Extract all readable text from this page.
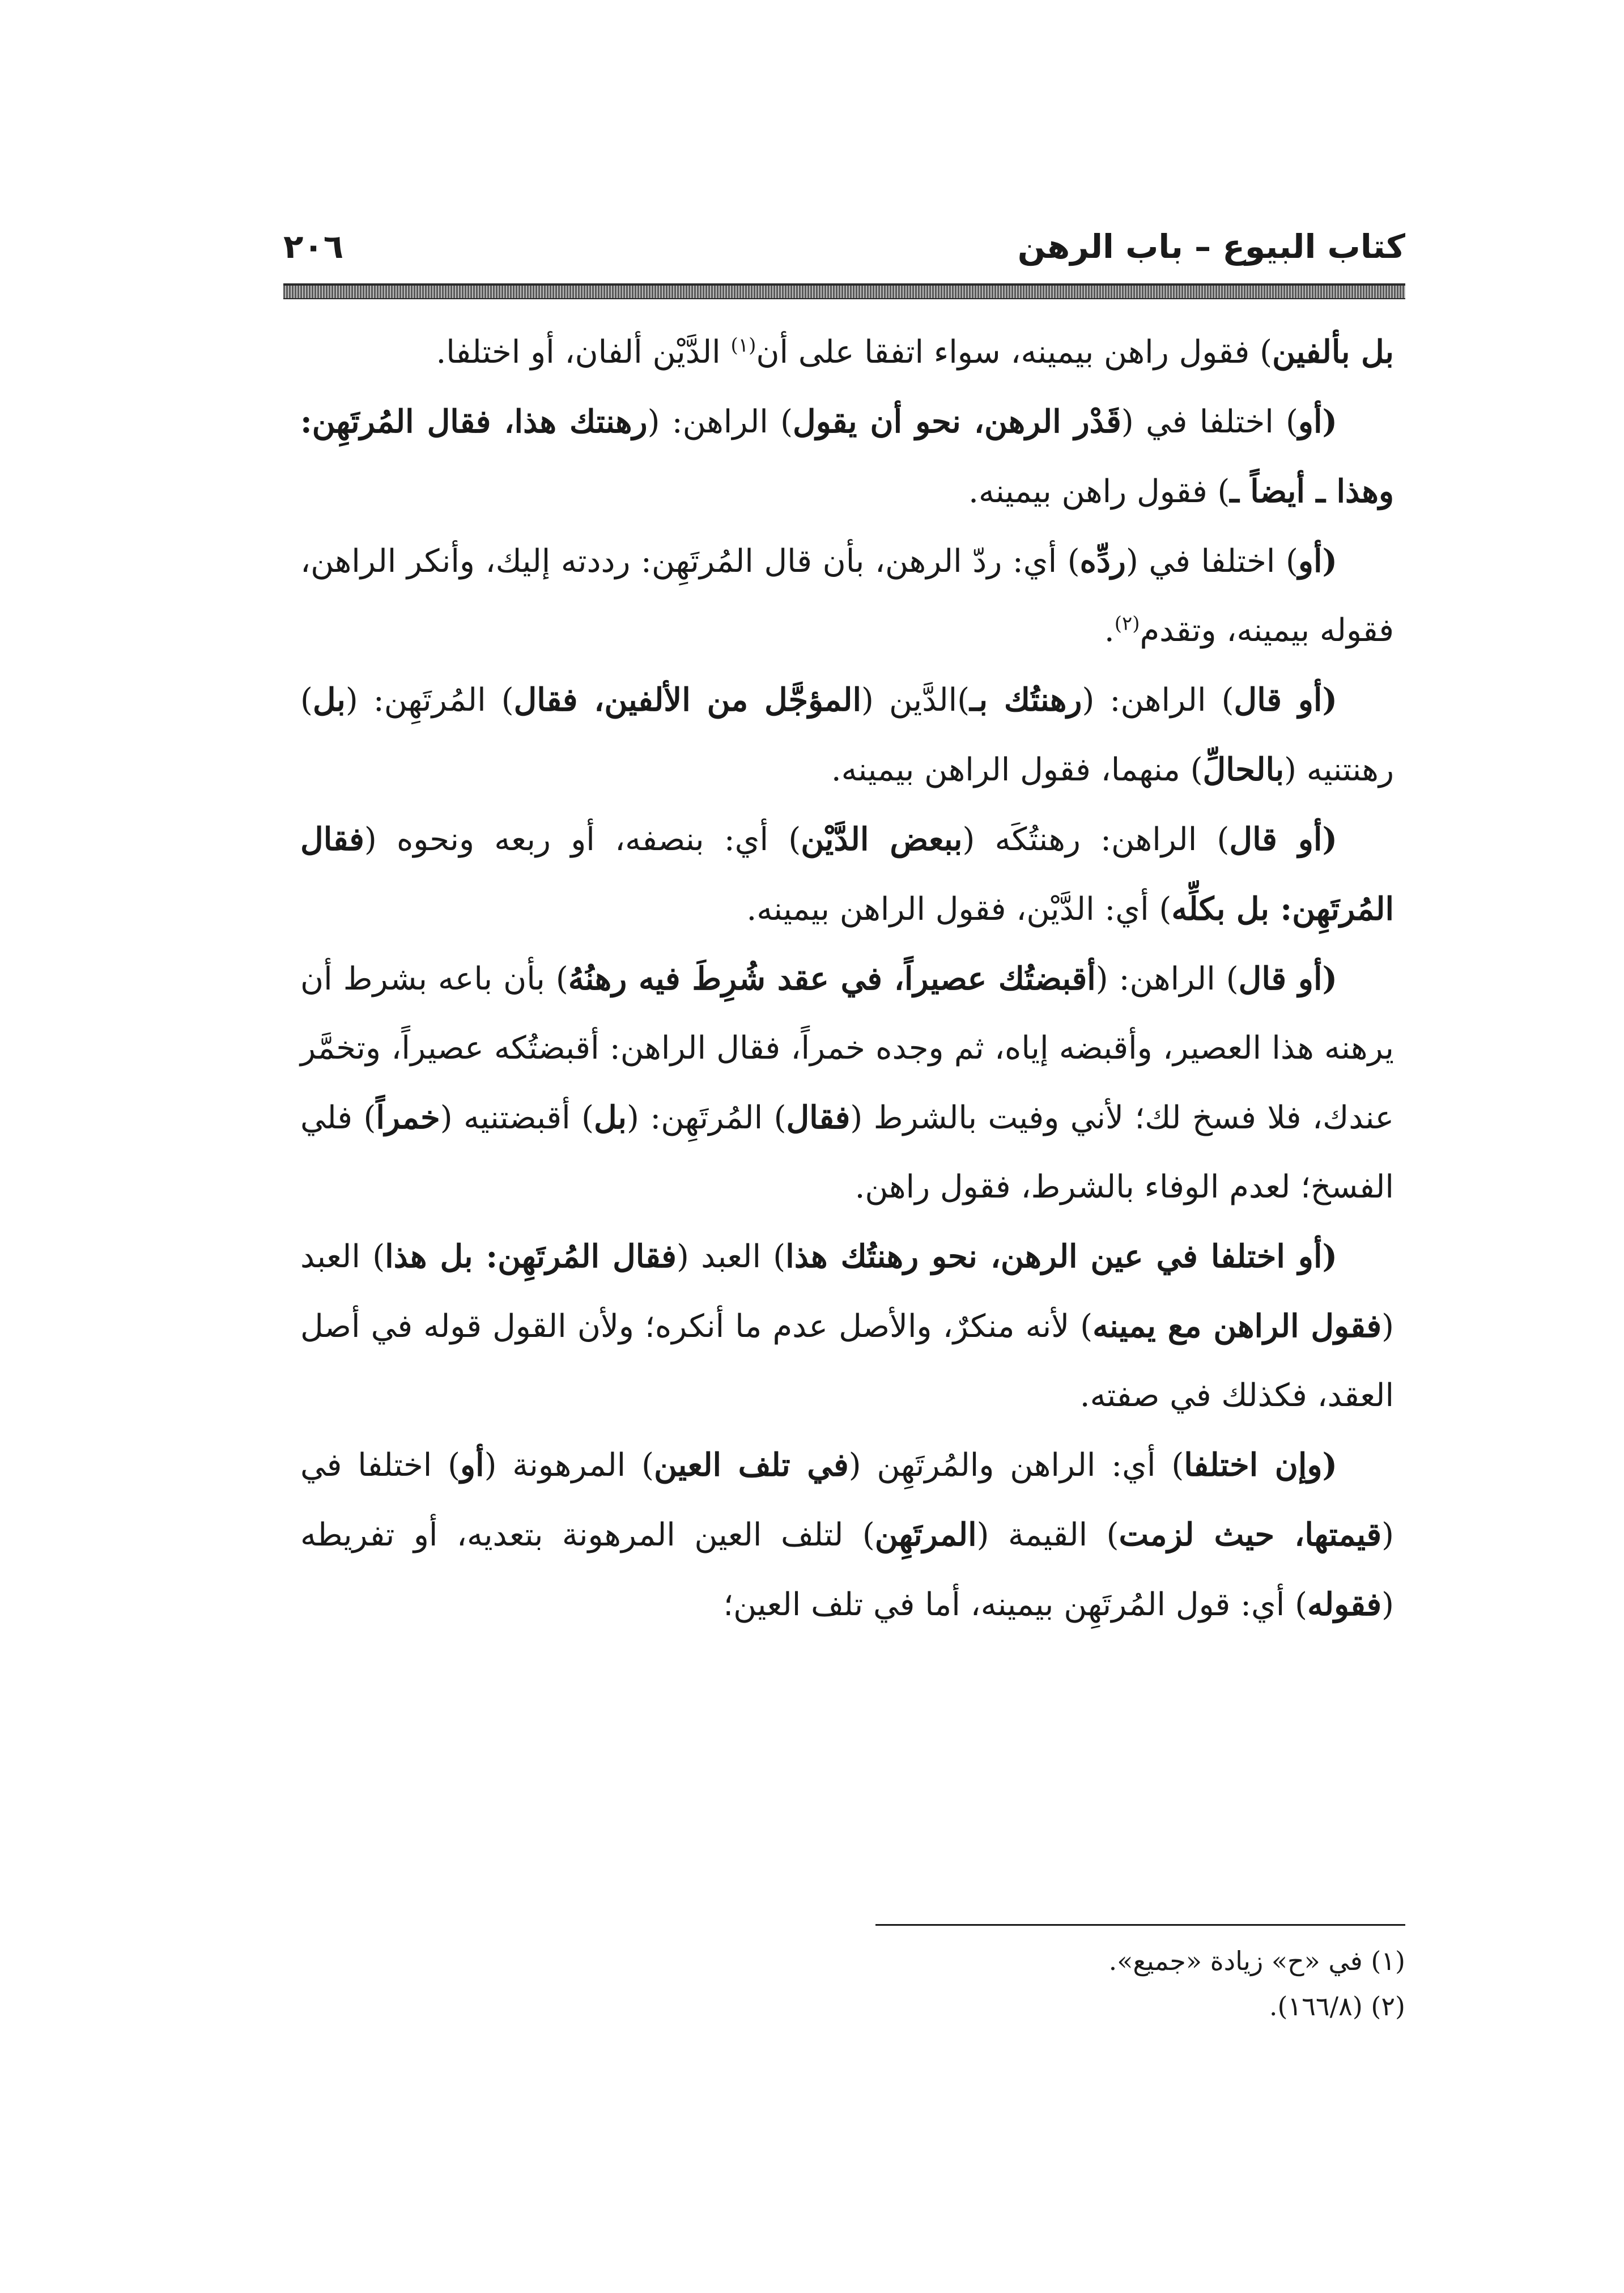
كتاب البيوع – باب الرهن
٢٠٦

بل بألفين) فقول راهن بيمينه، سواء اتفقا على أن$^{(١)}$ الدَّيْن ألفان، أو اختلفا.

(أو) اختلفا في (قَدْر الرهن، نحو أن يقول) الراهن: (رهنتك هذا، فقال المُرتَهِن: وهذا ـ أيضاً ـ) فقول راهن بيمينه.

(أو) اختلفا في (ردِّه) أي: ردّ الرهن، بأن قال المُرتَهِن: رددته إليك، وأنكر الراهن، فقوله بيمينه، وتقدم$^{(٢)}$.

(أو قال) الراهن: (رهنتُك بـ)الدَّين (المؤجَّل من الألفين، فقال) المُرتَهِن: (بل) رهنتنيه (بالحالِّ) منهما، فقول الراهن بيمينه.

(أو قال) الراهن: رهنتُكَه (ببعض الدَّيْن) أي: بنصفه، أو ربعه ونحوه (فقال المُرتَهِن: بل بكلِّه) أي: الدَّيْن، فقول الراهن بيمينه.

(أو قال) الراهن: (أقبضتُك عصيراً، في عقد شُرِطَ فيه رهنُهُ) بأن باعه بشرط أن يرهنه هذا العصير، وأقبضه إياه، ثم وجده خمراً، فقال الراهن: أقبضتُكه عصيراً، وتخمَّر عندك، فلا فسخ لك؛ لأني وفيت بالشرط (فقال) المُرتَهِن: (بل) أقبضتنيه (خمراً) فلي الفسخ؛ لعدم الوفاء بالشرط، فقول راهن.

(أو اختلفا في عين الرهن، نحو رهنتُك هذا) العبد (فقال المُرتَهِن: بل هذا) العبد (فقول الراهن مع يمينه) لأنه منكرٌ، والأصل عدم ما أنكره؛ ولأن القول قوله في أصل العقد، فكذلك في صفته.

(وإن اختلفا) أي: الراهن والمُرتَهِن (في تلف العين) المرهونة (أو) اختلفا في (قيمتها، حيث لزمت) القيمة (المرتَهِن) لتلف العين المرهونة بتعديه، أو تفريطه (فقوله) أي: قول المُرتَهِن بيمينه، أما في تلف العين؛

(١) في «ح» زيادة «جميع».
(٢) (١٦٦/٨).
